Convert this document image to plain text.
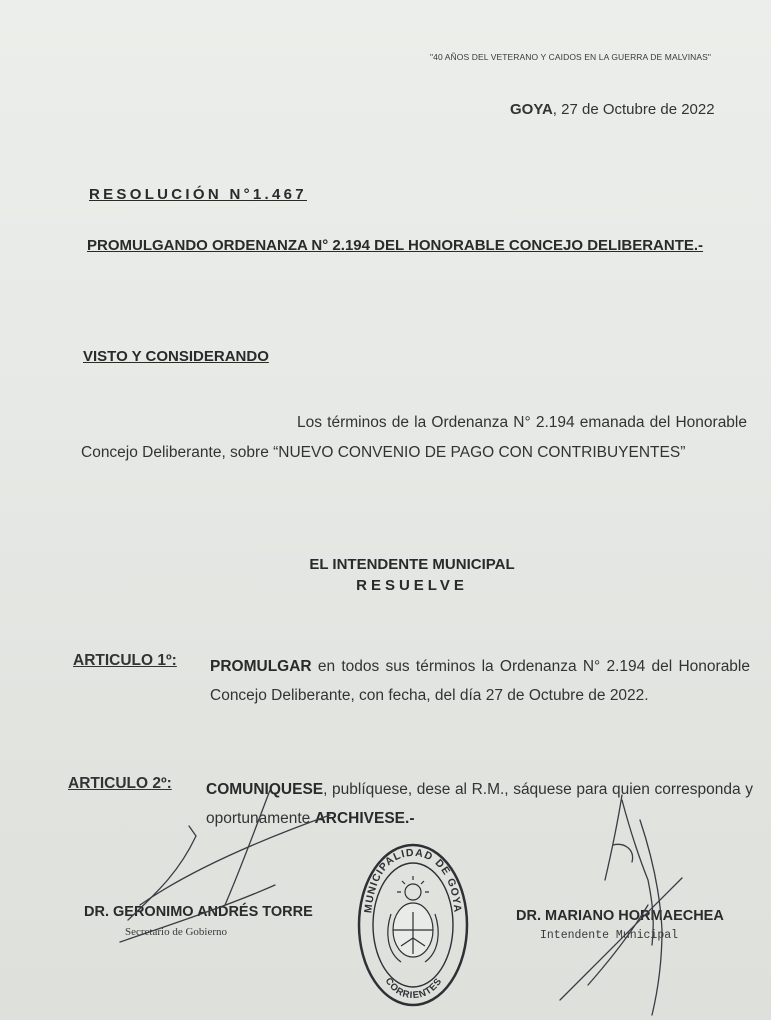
"40 AÑOS DEL VETERANO Y CAIDOS EN LA GUERRA DE MALVINAS"
GOYA, 27 de Octubre de 2022
RESOLUCIÓN N°1.467
PROMULGANDO ORDENANZA N° 2.194 DEL HONORABLE CONCEJO DELIBERANTE.-
VISTO Y CONSIDERANDO
Los términos de la Ordenanza N° 2.194 emanada del Honorable Concejo Deliberante, sobre “NUEVO CONVENIO DE PAGO CON CONTRIBUYENTES”
EL INTENDENTE MUNICIPAL
RESUELVE
ARTICULO 1º: PROMULGAR en todos sus términos la Ordenanza N° 2.194 del Honorable Concejo Deliberante, con fecha, del día 27 de Octubre de 2022.
ARTICULO 2º: COMUNIQUESE, publíquese, dese al R.M., sáquese para quien corresponda y oportunamente ARCHIVESE.-
DR. GERONIMO ANDRÉS TORRE
Secretario de Gobierno
DR. MARIANO HORMAECHEA
Intendente Municipal
MUNICIPALIDAD DE GOYA
CORRIENTES
